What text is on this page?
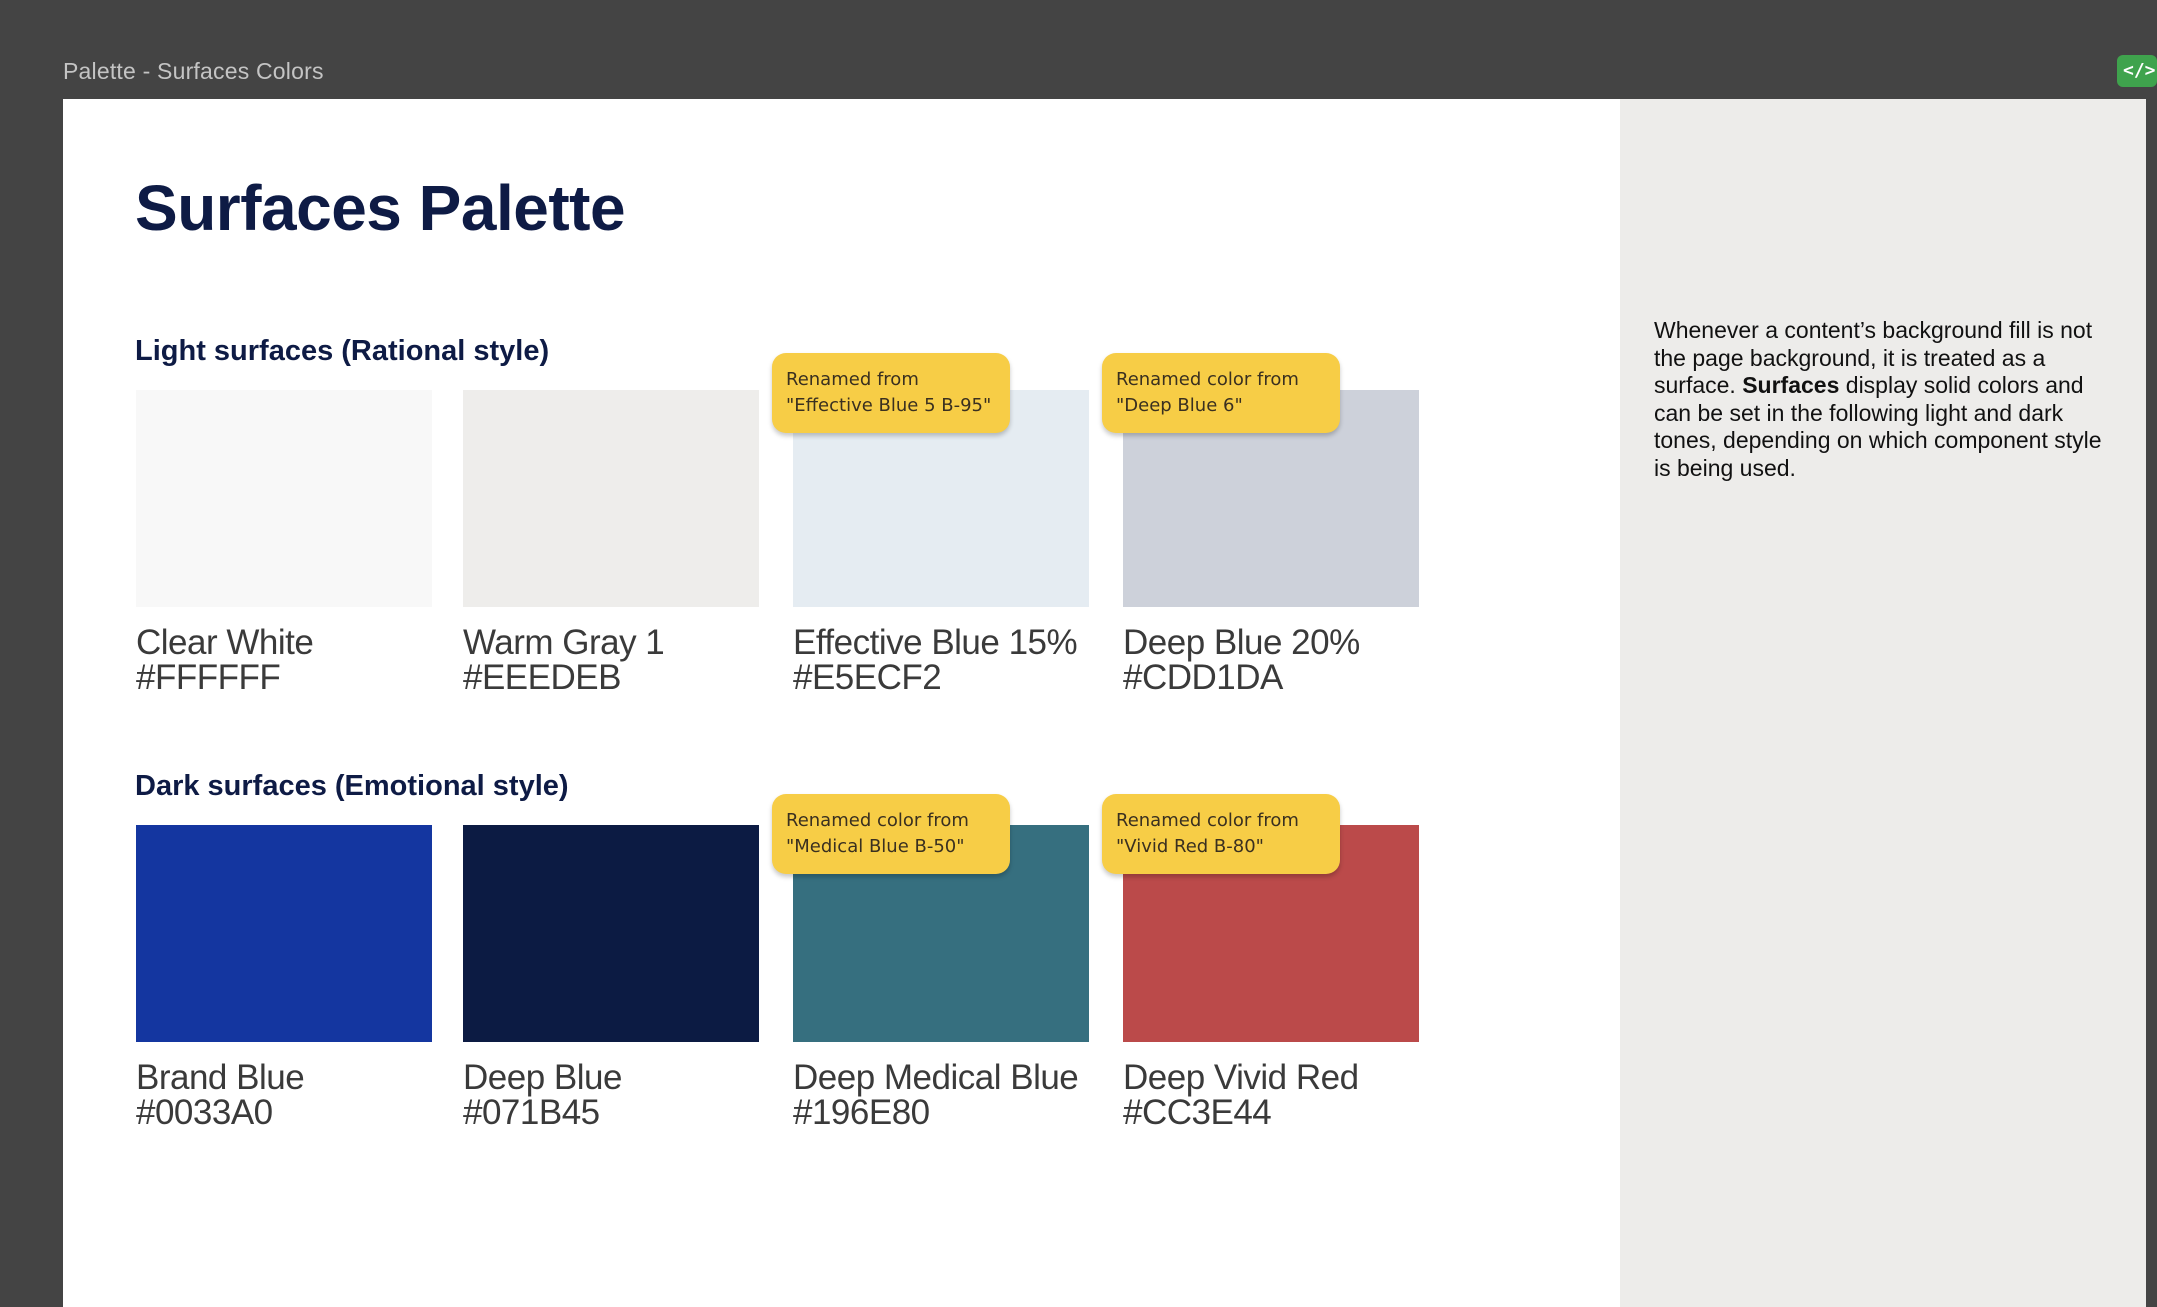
Palette - Surfaces Colors	</>
Surfaces Palette
Light surfaces (Rational style)
Clear White
#FFFFFF
Warm Gray 1
#EEEDEB
Effective Blue 15%
#E5ECF2
Deep Blue 20%
#CDD1DA
Renamed from
"Effective Blue 5 B-95"
Renamed color from
"Deep Blue 6"
Dark surfaces (Emotional style)
Brand Blue
#0033A0
Deep Blue
#071B45
Deep Medical Blue
#196E80
Deep Vivid Red
#CC3E44
Renamed color from
"Medical Blue B-50"
Renamed color from
"Vivid Red B-80"
Whenever a content’s background fill is not the page background, it is treated as a surface. Surfaces display solid colors and can be set in the following light and dark tones, depending on which component style is being used.
